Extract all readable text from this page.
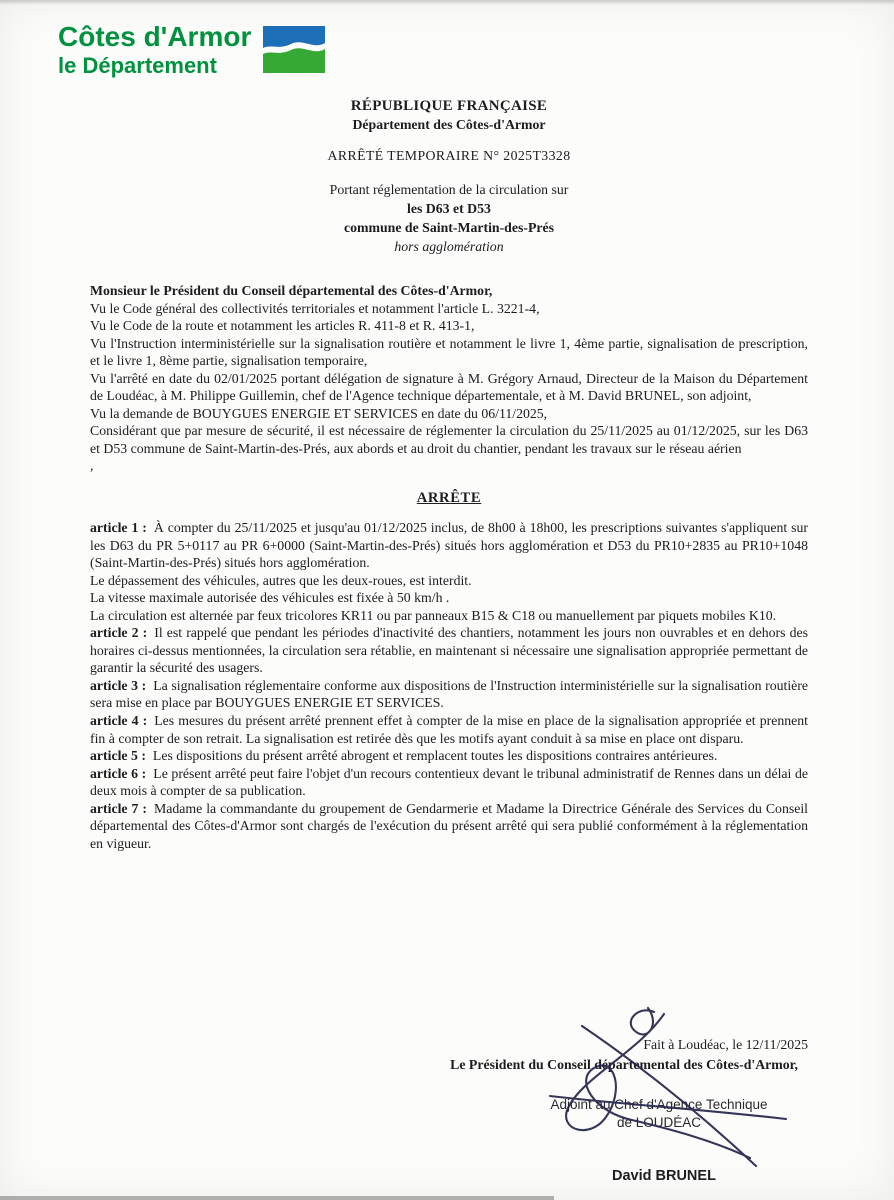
Côtes d'Armor
le Département
RÉPUBLIQUE FRANÇAISE
Département des Côtes-d'Armor
ARRÊTÉ TEMPORAIRE N° 2025T3328
Portant réglementation de la circulation sur
les D63 et D53
commune de Saint-Martin-des-Prés
hors agglomération

Monsieur le Président du Conseil départemental des Côtes-d'Armor,

Vu le Code général des collectivités territoriales et notamment l'article L. 3221-4,

Vu le Code de la route et notamment les articles R. 411-8 et R. 413-1,

Vu l'Instruction interministérielle sur la signalisation routière et notamment le livre 1, 4ème partie, signalisation de prescription, et le livre 1, 8ème partie, signalisation temporaire,

Vu l'arrêté en date du 02/01/2025 portant délégation de signature à M. Grégory Arnaud, Directeur de la Maison du Département de Loudéac, à M. Philippe Guillemin, chef de l'Agence technique départementale, et à M. David BRUNEL, son adjoint,

Vu la demande de BOUYGUES ENERGIE ET SERVICES en date du 06/11/2025,

Considérant que par mesure de sécurité, il est nécessaire de réglementer la circulation du 25/11/2025 au 01/12/2025, sur les D63 et D53 commune de Saint-Martin-des-Prés, aux abords et au droit du chantier, pendant les travaux sur le réseau aérien

,

ARRÊTE

article 1 : À compter du 25/11/2025 et jusqu'au 01/12/2025 inclus, de 8h00 à 18h00, les prescriptions suivantes s'appliquent sur les D63 du PR 5+0117 au PR 6+0000 (Saint-Martin-des-Prés) situés hors agglomération et D53 du PR10+2835 au PR10+1048 (Saint-Martin-des-Prés) situés hors agglomération.

Le dépassement des véhicules, autres que les deux-roues, est interdit.

La vitesse maximale autorisée des véhicules est fixée à 50 km/h .

La circulation est alternée par feux tricolores KR11 ou par panneaux B15 & C18 ou manuellement par piquets mobiles K10.

article 2 : Il est rappelé que pendant les périodes d'inactivité des chantiers, notamment les jours non ouvrables et en dehors des horaires ci-dessus mentionnées, la circulation sera rétablie, en maintenant si nécessaire une signalisation appropriée permettant de garantir la sécurité des usagers.

article 3 : La signalisation réglementaire conforme aux dispositions de l'Instruction interministérielle sur la signalisation routière sera mise en place par BOUYGUES ENERGIE ET SERVICES.

article 4 : Les mesures du présent arrêté prennent effet à compter de la mise en place de la signalisation appropriée et prennent fin à compter de son retrait. La signalisation est retirée dès que les motifs ayant conduit à sa mise en place ont disparu.

article 5 : Les dispositions du présent arrêté abrogent et remplacent toutes les dispositions contraires antérieures.

article 6 : Le présent arrêté peut faire l'objet d'un recours contentieux devant le tribunal administratif de Rennes dans un délai de deux mois à compter de sa publication.

article 7 : Madame la commandante du groupement de Gendarmerie et Madame la Directrice Générale des Services du Conseil départemental des Côtes-d'Armor sont chargés de l'exécution du présent arrêté qui sera publié conformément à la réglementation en vigueur.

Fait à Loudéac, le 12/11/2025
Le Président du Conseil départemental des Côtes-d'Armor,
Adjoint au Chef d'Agence Technique
de LOUDÉAC
David BRUNEL
